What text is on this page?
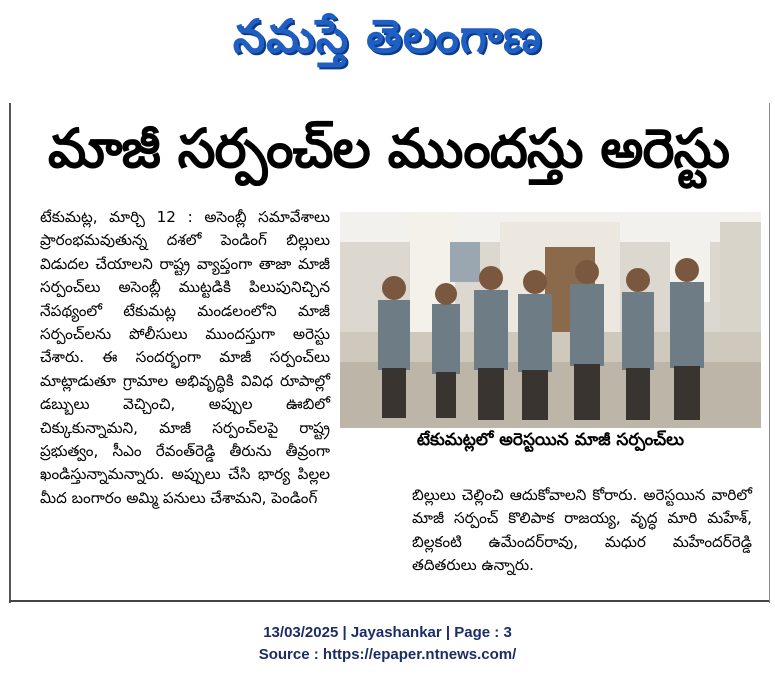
నమస్తే తెలంగాణ
మాజీ సర్పంచ్‌ల ముందస్తు అరెస్టు

టేకుమట్ల, మార్చి 12 : అసెంబ్లీ సమావేశాలు ప్రారంభమవుతున్న దశలో పెండింగ్‌ బిల్లులు విడుదల చేయాలని రాష్ట్ర వ్యాప్తంగా తాజా మాజీ సర్పంచ్‌లు అసెంబ్లీ ముట్టడికి పిలుపునిచ్చిన నేపథ్యంలో టేకుమట్ల మండలంలోని మాజీ సర్పంచ్‌లను పోలీసులు ముందస్తుగా అరెస్టు చేశారు. ఈ సందర్భంగా మాజీ సర్పంచ్‌లు మాట్లాడుతూ గ్రామాల అభివృద్ధికి వివిధ రూపాల్లో డబ్బులు వెచ్చించి, అప్పుల ఊబిలో చిక్కుకున్నామని, మాజీ సర్పంచ్‌లపై రాష్ట్ర ప్రభుత్వం, సీఎం రేవంత్‌రెడ్డి తీరును తీవ్రంగా ఖండిస్తున్నామన్నారు. అప్పులు చేసి భార్య పిల్లల మీద బంగారం అమ్మి పనులు చేశామని, పెండింగ్‌

టేకుమట్లలో అరెస్టయిన మాజీ సర్పంచ్‌లు

బిల్లులు చెల్లించి ఆదుకోవాలని కోరారు. అరెస్టయిన వారిలో మాజీ సర్పంచ్‌ కొలిపాక రాజయ్య, వృద్ధ మారి మహేశ్‌, బిల్లకంటి ఉమేందర్‌రావు, మధుర మహేందర్‌రెడ్డి తదితరులు ఉన్నారు.

13/03/2025 | Jayashankar | Page : 3
Source : https://epaper.ntnews.com/
